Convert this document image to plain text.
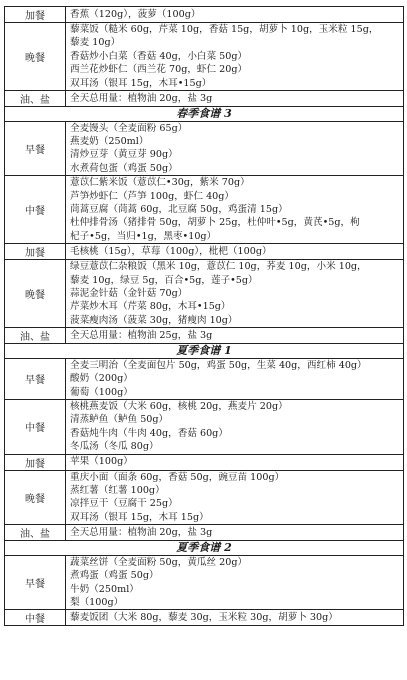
加餐	香蕉（120g），菠萝（100g）

晚餐	藜菜饭（糙米 60g，芹菜 10g，香菇 15g，胡萝卜 10g，玉米粒 15g，
藜麦 10g）
香菇炒小白菜（香菇 40g，小白菜 50g）
西兰花炒虾仁（西兰花 70g，虾仁 20g）
双耳汤（银耳 15g，木耳•15g）

油、盐	全天总用量：植物油 20g，盐 3g

春季食谱 3	
早餐	全麦馒头（全麦面粉 65g）
燕麦奶（250ml）
清炒豆芽（黄豆芽 90g）
水煮荷包蛋（鸡蛋 50g）

中餐	薏苡仁紫米饭（薏苡仁•30g，紫米 70g）
芦笋炒虾仁（芦笋 100g，虾仁 40g）
茼蒿豆腐（茼蒿 60g，北豆腐 50g，鸡蛋清 15g）
杜仲排骨汤（猪排骨 50g，胡萝卜 25g，杜仲叶•5g，黄芪•5g，枸
杞子•5g，当归•1g，黑枣•10g）

加餐	毛核桃（15g），草莓（100g），枇杷（100g）

晚餐	绿豆薏苡仁杂粮饭（黑米 10g，薏苡仁 10g，荞麦 10g，小米 10g，
藜麦 10g，绿豆 5g，百合•5g，莲子•5g）
蒜泥金针菇（金针菇 70g）
芹菜炒木耳（芹菜 80g，木耳•15g）
菠菜瘦肉汤（菠菜 30g，猪瘦肉 10g）

油、盐	全天总用量：植物油 25g，盐 3g

夏季食谱 1	
早餐	全麦三明治（全麦面包片 50g，鸡蛋 50g，生菜 40g，西红柿 40g）
酸奶（200g）
葡萄（100g）

中餐	核桃燕麦饭（大米 60g，核桃 20g，燕麦片 20g）
清蒸鲈鱼（鲈鱼 50g）
香菇炖牛肉（牛肉 40g，香菇 60g）
冬瓜汤（冬瓜 80g）

加餐	苹果（100g）

晚餐	重庆小面（面条 60g，香菇 50g，豌豆苗 100g）
蒸红薯（红薯 100g）
凉拌豆干（豆腐干 25g）
双耳汤（银耳 15g，木耳 15g）

油、盐	全天总用量：植物油 20g，盐 3g

夏季食谱 2	
早餐	蔬菜丝饼（全麦面粉 50g，黄瓜丝 20g）
煮鸡蛋（鸡蛋 50g）
牛奶（250ml）
梨（100g）

中餐	藜麦饭团（大米 80g，藜麦 30g，玉米粒 30g，胡萝卜 30g）
